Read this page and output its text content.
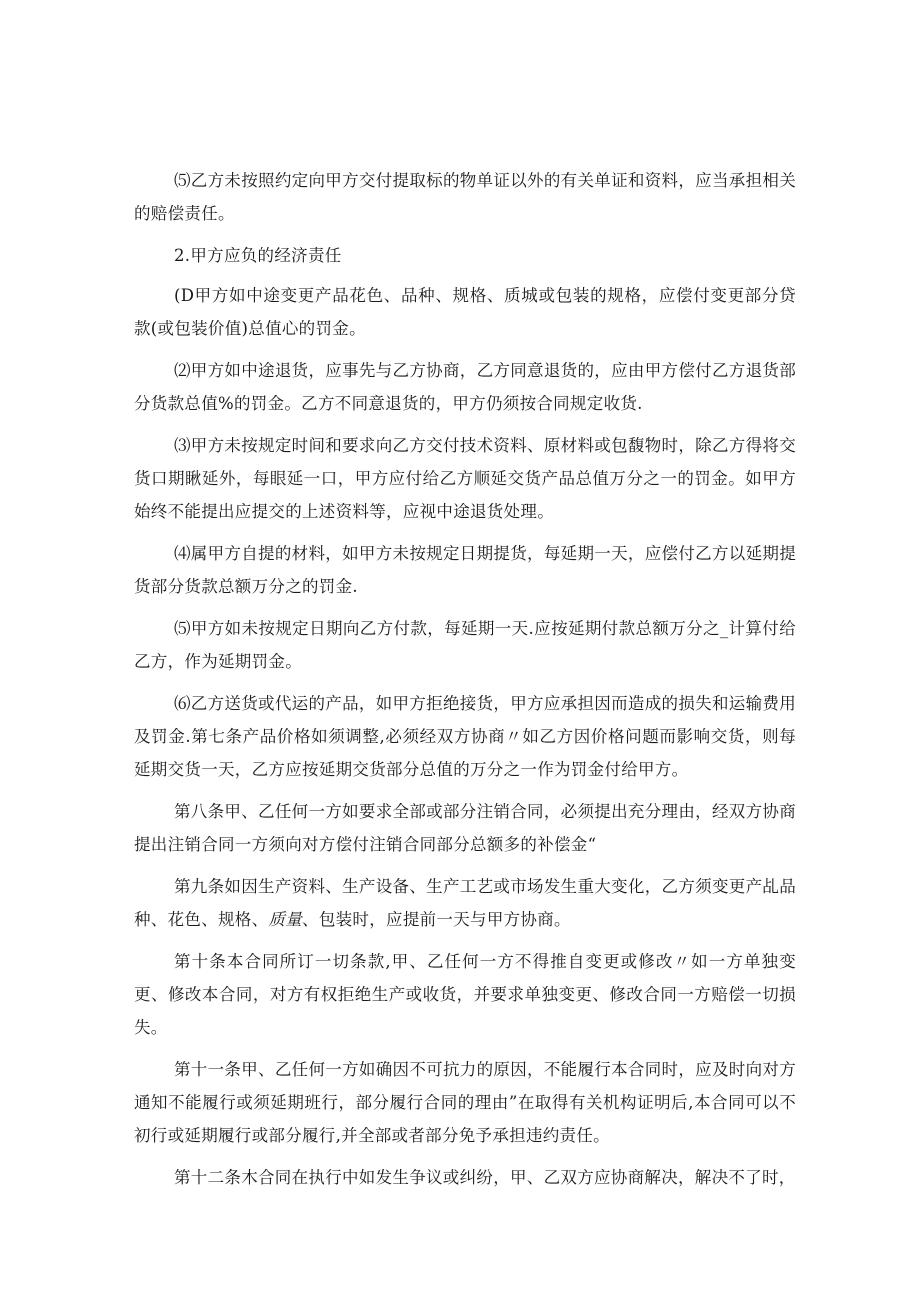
⑸乙方未按照约定向甲方交付提取标的物单证以外的有关单证和资料，应当承担相关的赔偿责任。

2.甲方应负的经济责任

(D甲方如中途变更产品花色、品种、规格、质城或包装的规格，应偿付变更部分贷款(或包装价值)总值心的罚金。

⑵甲方如中途退货，应事先与乙方协商，乙方同意退货的，应由甲方偿付乙方退货部分货款总值%的罚金。乙方不同意退货的，甲方仍须按合同规定收货.

⑶甲方未按规定时间和要求向乙方交付技术资料、原材料或包馥物时，除乙方得将交货口期瞅延外，每眼延一口，甲方应付给乙方顺延交货产品总值万分之一的罚金。如甲方始终不能提出应提交的上述资料等，应视中途退货处理。

⑷属甲方自提的材料，如甲方未按规定日期提货，每延期一天，应偿付乙方以延期提货部分货款总额万分之的罚金.

⑸甲方如未按规定日期向乙方付款，每延期一天.应按延期付款总额万分之_计算付给乙方，作为延期罚金。

⑹乙方送货或代运的产品，如甲方拒绝接货，甲方应承担因而造成的损失和运输费用及罚金.第七条产品价格如须调整,必须经双方协商〃如乙方因价格问题而影响交货，则每延期交货一天，乙方应按延期交货部分总值的万分之一作为罚金付给甲方。

第八条甲、乙任何一方如要求全部或部分注销合同，必须提出充分理由，经双方协商提出注销合同一方须向对方偿付注销合同部分总额多的补偿金“

第九条如因生产资料、生产设备、生产工艺或市场发生重大变化，乙方须变更产乩品种、花色、规格、质量、包装时，应提前一天与甲方协商。

第十条本合同所订一切条款,甲、乙任何一方不得推自变更或修改〃如一方单独变更、修改本合同，对方有权拒绝生产或收货，并要求单独变更、修改合同一方赔偿一切损失。

第十一条甲、乙任何一方如确因不可抗力的原因，不能履行本合同时，应及时向对方通知不能履行或须延期班行，部分履行合同的理由”在取得有关机构证明后,本合同可以不初行或延期履行或部分履行,并全部或者部分免予承担违约责任。

第十二条木合同在执行中如发生争议或纠纷，甲、乙双方应协商解决，解决不了时，
